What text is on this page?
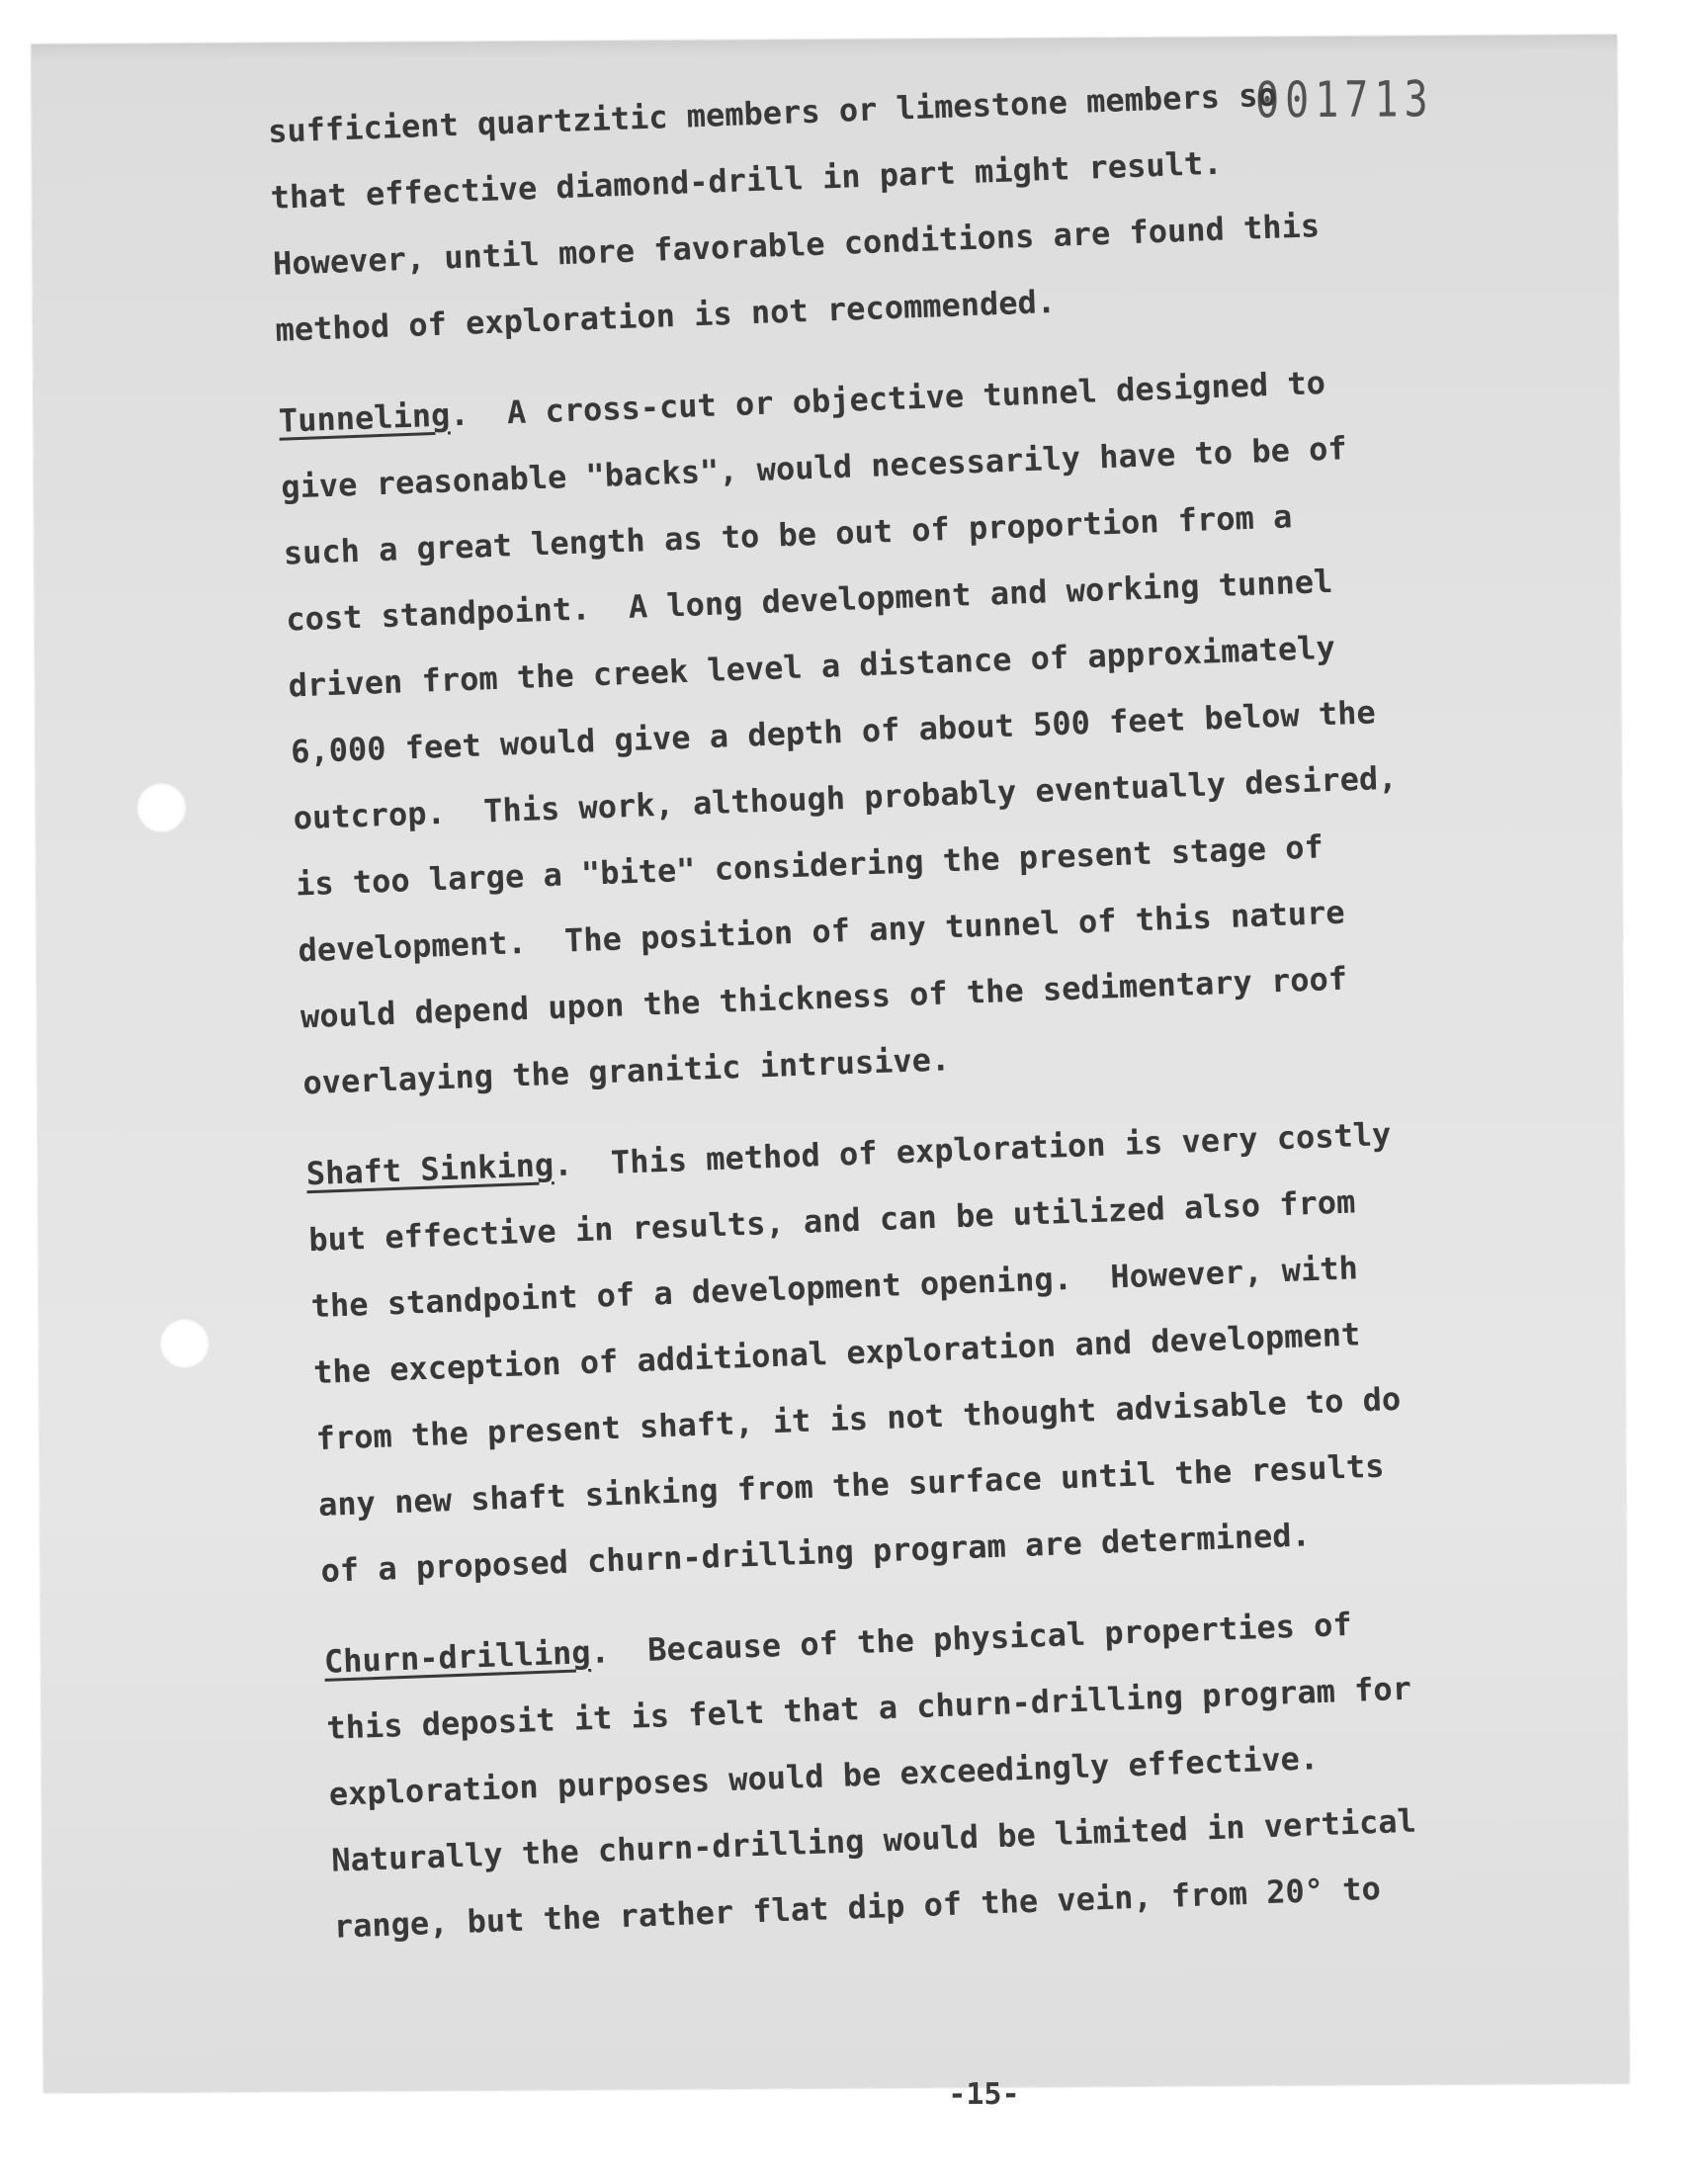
001713
-15-
sufficient quartzitic members or limestone members so
that effective diamond-drill in part might result.
However, until more favorable conditions are found this
method of exploration is not recommended.
Tunneling.  A cross-cut or objective tunnel designed to
give reasonable "backs", would necessarily have to be of
such a great length as to be out of proportion from a
cost standpoint.  A long development and working tunnel
driven from the creek level a distance of approximately
6,000 feet would give a depth of about 500 feet below the
outcrop.  This work, although probably eventually desired,
is too large a "bite" considering the present stage of
development.  The position of any tunnel of this nature
would depend upon the thickness of the sedimentary roof
overlaying the granitic intrusive.
Shaft Sinking.  This method of exploration is very costly
but effective in results, and can be utilized also from
the standpoint of a development opening.  However, with
the exception of additional exploration and development
from the present shaft, it is not thought advisable to do
any new shaft sinking from the surface until the results
of a proposed churn-drilling program are determined.
Churn-drilling.  Because of the physical properties of
this deposit it is felt that a churn-drilling program for
exploration purposes would be exceedingly effective.
Naturally the churn-drilling would be limited in vertical
range, but the rather flat dip of the vein, from 20° to
